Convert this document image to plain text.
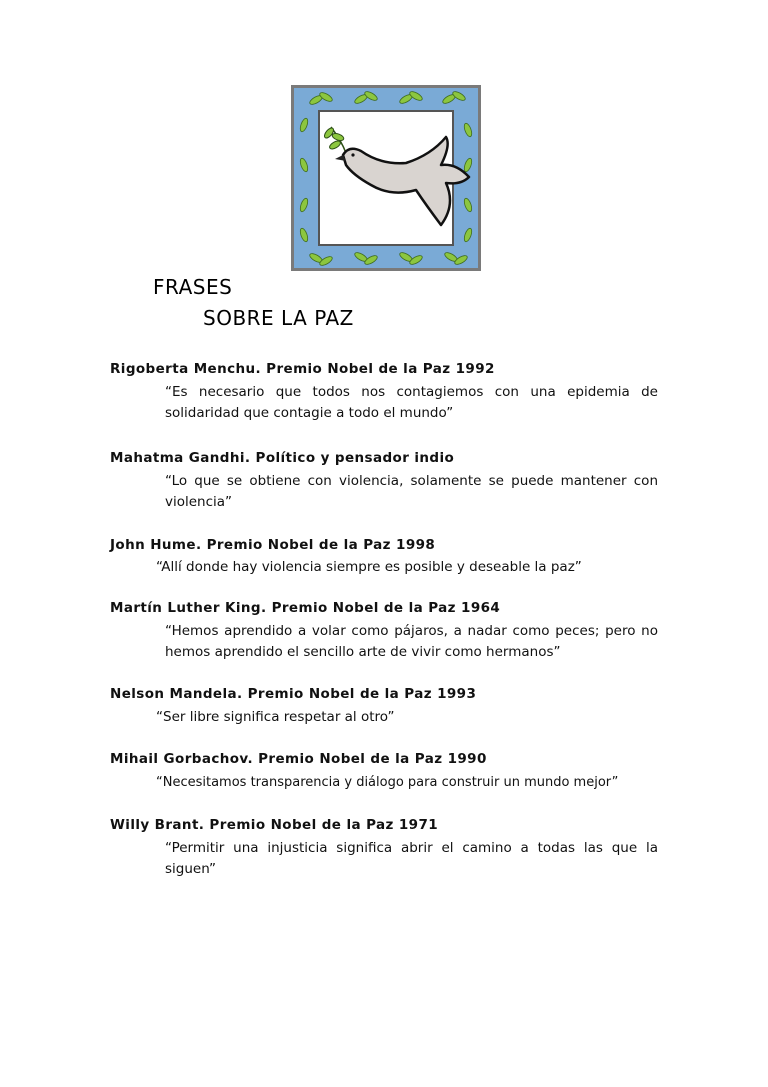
FRASES
SOBRE LA PAZ
Rigoberta Menchu. Premio Nobel de la Paz 1992
“Es necesario que todos nos contagiemos con una epidemia de
solidaridad que contagie a todo el mundo”
Mahatma Gandhi. Político y pensador indio
“Lo que se obtiene con violencia, solamente se puede mantener con
violencia”
John Hume. Premio Nobel de la Paz 1998
“Allí donde hay violencia siempre es posible y deseable la paz”
Martín Luther King. Premio Nobel de la Paz 1964
“Hemos aprendido a volar como pájaros, a nadar como peces; pero no
hemos aprendido el sencillo arte de vivir como hermanos”
Nelson Mandela. Premio Nobel de la Paz 1993
“Ser libre significa respetar al otro”
Mihail Gorbachov. Premio Nobel de la Paz 1990
“Necesitamos transparencia y diálogo para construir un mundo mejor”
Willy Brant. Premio Nobel de la Paz 1971
“Permitir una injusticia significa abrir el camino a todas las que la
siguen”
